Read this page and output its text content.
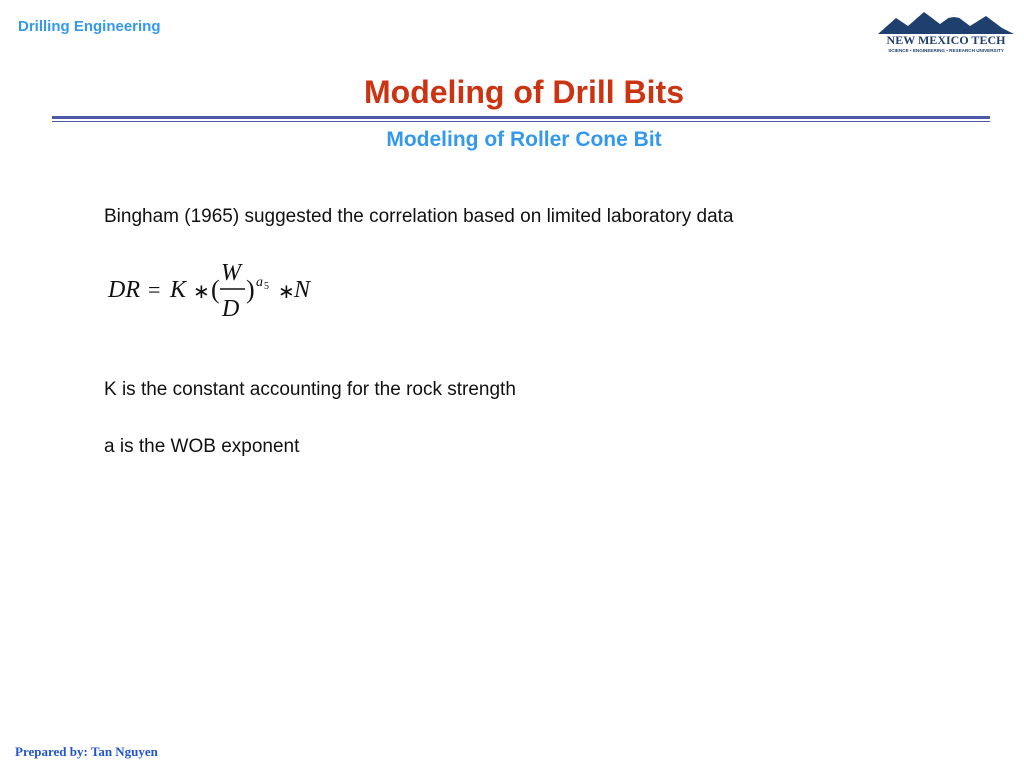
Drilling Engineering
NEW MEXICO TECH
SCIENCE • ENGINEERING • RESEARCH UNIVERSITY
Modeling of Drill Bits
Modeling of Roller Cone Bit
Bingham (1965) suggested the correlation based on limited laboratory data
DR = K ∗ (
W
D
) a 5 ∗ N
K is the constant accounting for the rock strength
a is the WOB exponent
Prepared by: Tan Nguyen
